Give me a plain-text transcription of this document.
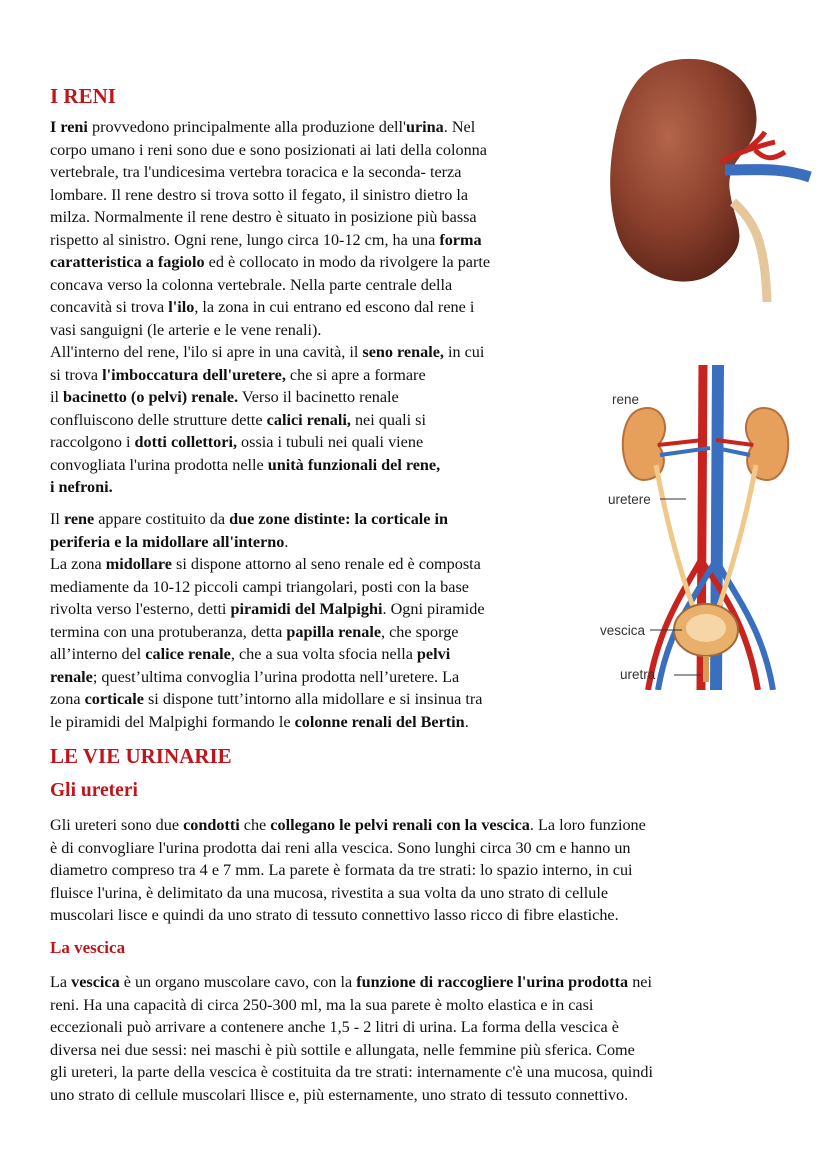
I RENI

I reni provvedono principalmente alla produzione dell'urina. Nel

corpo umano i reni sono due e sono posizionati ai lati della colonna

vertebrale, tra l'undicesima vertebra toracica e la seconda- terza

lombare. Il rene destro si trova sotto il fegato, il sinistro dietro la

milza. Normalmente il rene destro è situato in posizione più bassa

rispetto al sinistro. Ogni rene, lungo circa 10-12 cm, ha una forma

caratteristica a fagiolo ed è collocato in modo da rivolgere la parte

concava verso la colonna vertebrale. Nella parte centrale della

concavità si trova l'ilo, la zona in cui entrano ed escono dal rene i

vasi sanguigni (le arterie e le vene renali).

All'interno del rene, l'ilo si apre in una cavità, il seno renale, in cui

si trova l'imboccatura dell'uretere, che si apre a formare

il bacinetto (o pelvi) renale. Verso il bacinetto renale

confluiscono delle strutture dette calici renali, nei quali si

raccolgono i dotti collettori, ossia i tubuli nei quali viene

convogliata l'urina prodotta nelle unità funzionali del rene,

i nefroni.

Il rene appare costituito da due zone distinte: la corticale in

periferia e la midollare all'interno.

La zona midollare si dispone attorno al seno renale ed è composta

mediamente da 10-12 piccoli campi triangolari, posti con la base

rivolta verso l'esterno, detti piramidi del Malpighi. Ogni piramide

termina con una protuberanza, detta papilla renale, che sporge

all’interno del calice renale, che a sua volta sfocia nella pelvi

renale; quest’ultima convoglia l’urina prodotta nell’uretere. La

zona corticale si dispone tutt’intorno alla midollare e si insinua tra

le piramidi del Malpighi formando le colonne renali del Bertin.

LE VIE URINARIE
Gli ureteri

Gli ureteri sono due condotti che collegano le pelvi renali con la vescica. La loro funzione

è di convogliare l'urina prodotta dai reni alla vescica. Sono lunghi circa 30 cm e hanno un

diametro compreso tra 4 e 7 mm. La parete è formata da tre strati: lo spazio interno, in cui

fluisce l'urina, è delimitato da una mucosa, rivestita a sua volta da uno strato di cellule

muscolari lisce e quindi da uno strato di tessuto connettivo lasso ricco di fibre elastiche.

La vescica

La vescica è un organo muscolare cavo, con la funzione di raccogliere l'urina prodotta nei

reni. Ha una capacità di circa 250-300 ml, ma la sua parete è molto elastica e in casi

eccezionali può arrivare a contenere anche 1,5 - 2 litri di urina. La forma della vescica è

diversa nei due sessi: nei maschi è più sottile e allungata, nelle femmine più sferica. Come

gli ureteri, la parte della vescica è costituita da tre strati: internamente c'è una mucosa, quindi

uno strato di cellule muscolari llisce e, più esternamente, uno strato di tessuto connettivo.

rene
uretere
vescica
uretra
